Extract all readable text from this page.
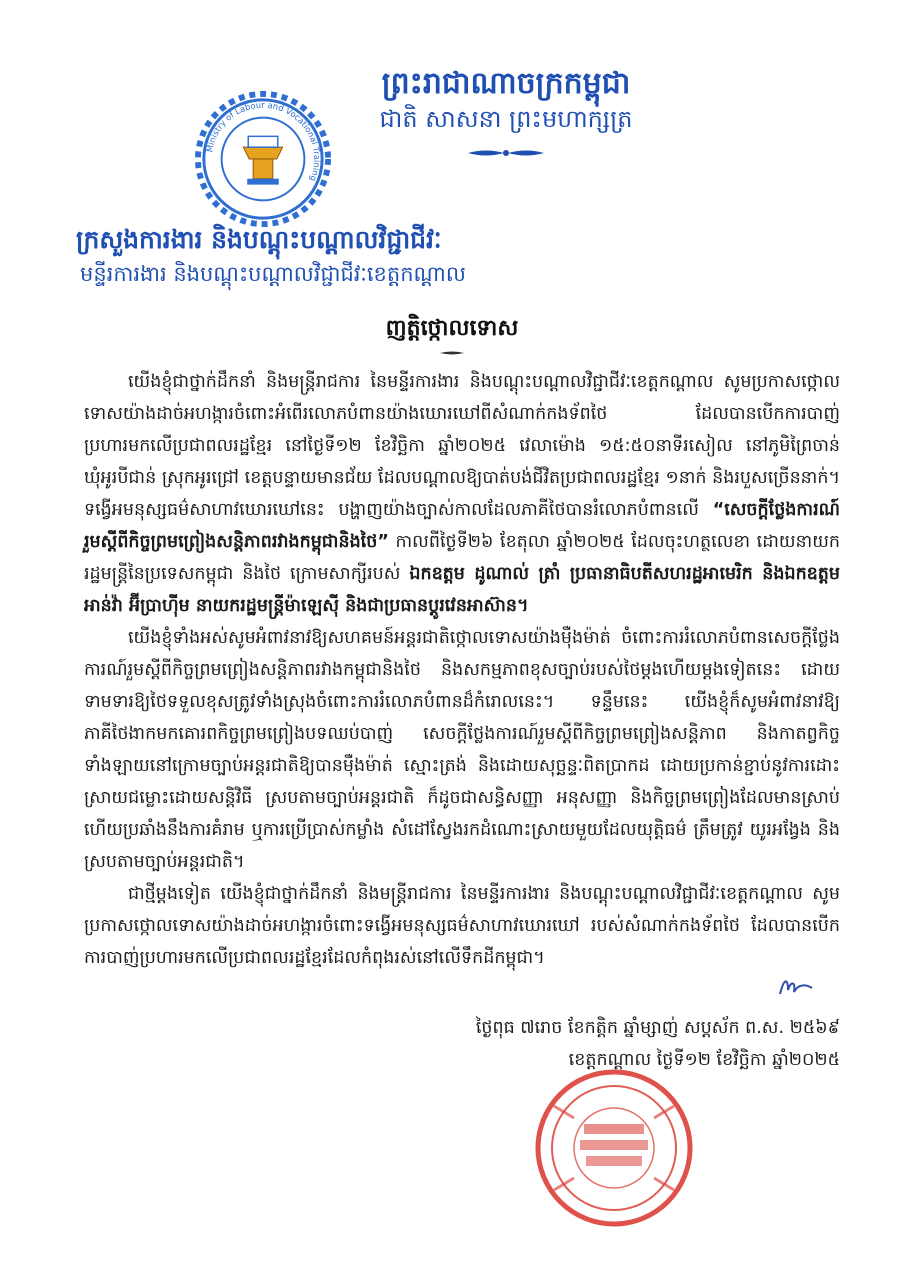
Ministry of Labour and Vocational Training
ព្រះរាជាណាចក្រកម្ពុជា
ជាតិ សាសនា ព្រះមហាក្សត្រ
ក្រសួងការងារ និងបណ្ដុះបណ្ដាលវិជ្ជាជីវៈ
មន្ទីរការងារ និងបណ្ដុះបណ្ដាលវិជ្ជាជីវៈខេត្តកណ្ដាល
ញត្តិថ្កោលទោស

យើងខ្ញុំជាថ្នាក់ដឹកនាំ និងមន្ត្រីរាជការ នៃមន្ទីរការងារ និងបណ្ដុះបណ្ដាលវិជ្ជាជីវៈខេត្តកណ្ដាល សូមប្រកាសថ្កោលទោសយ៉ាងដាច់អហង្ការចំពោះអំពើរលោភបំពានយ៉ាងឃោរឃៅពីសំណាក់កងទ័ពថៃ ដែលបានបើកការបាញ់ប្រហារមកលើប្រជាពលរដ្ឋខ្មែរ នៅថ្ងៃទី១២ ខែវិច្ឆិកា ឆ្នាំ២០២៥ វេលាម៉ោង ១៥:៥០នាទីរសៀល នៅភូមិព្រៃចាន់ ឃុំអូរបីជាន់ ស្រុកអូរជ្រៅ ខេត្តបន្ទាយមានជ័យ ដែលបណ្ដាលឱ្យបាត់បង់ជីវិតប្រជាពលរដ្ឋខ្មែរ ១នាក់ និងរបួសច្រើននាក់។ ទង្វើអមនុស្សធម៌សាហាវឃោរឃៅនេះ បង្ហាញយ៉ាងច្បាស់កាលដែលភាគីថៃបានរំលោភបំពានលើ “សេចក្ដីថ្លែងការណ៍រួមស្ដីពីកិច្ចព្រមព្រៀងសន្តិភាពរវាងកម្ពុជានិងថៃ” កាលពីថ្ងៃទី២៦ ខែតុលា ឆ្នាំ២០២៥ ដែលចុះហត្ថលេខា ដោយនាយករដ្ឋមន្ត្រីនៃប្រទេសកម្ពុជា និងថៃ ក្រោមសាក្សីរបស់ ឯកឧត្តម ដូណាល់ ត្រាំ ប្រធានាធិបតីសហរដ្ឋអាមេរិក និងឯកឧត្តម អាន់វ៉ា អ៊ីប្រាហ៊ីម នាយករដ្ឋមន្ត្រីម៉ាឡេស៊ី និងជាប្រធានប្ដូរវេនអាស៊ាន។

យើងខ្ញុំទាំងអស់សូមអំពាវនាវឱ្យសហគមន៍អន្តរជាតិថ្កោលទោសយ៉ាងម៉ឺងម៉ាត់ ចំពោះការរំលោភបំពានសេចក្ដីថ្លែងការណ៍រួមស្ដីពីកិច្ចព្រមព្រៀងសន្តិភាពរវាងកម្ពុជានិងថៃ និងសកម្មភាពខុសច្បាប់របស់ថៃម្ដងហើយម្ដងទៀតនេះ ដោយទាមទារឱ្យថៃទទួលខុសត្រូវទាំងស្រុងចំពោះការរំលោភបំពានដ៏កំរោលនេះ។ ទន្ទឹមនេះ យើងខ្ញុំក៏សូមអំពាវនាវឱ្យភាគីថៃងាកមកគោរពកិច្ចព្រមព្រៀងបទឈប់បាញ់ សេចក្ដីថ្លែងការណ៍រួមស្ដីពីកិច្ចព្រមព្រៀងសន្តិភាព និងកាតព្វកិច្ចទាំងឡាយនៅក្រោមច្បាប់អន្តរជាតិឱ្យបានម៉ឺងម៉ាត់ ស្មោះត្រង់ និងដោយសុច្ឆន្ទៈពិតប្រាកដ ដោយប្រកាន់ខ្ជាប់នូវការដោះស្រាយជម្លោះដោយសន្តិវិធី ស្របតាមច្បាប់អន្តរជាតិ ក៏ដូចជាសន្ធិសញ្ញា អនុសញ្ញា និងកិច្ចព្រមព្រៀងដែលមានស្រាប់ ហើយប្រឆាំងនឹងការគំរាម ឬការប្រើប្រាស់កម្លាំង សំដៅស្វែងរកដំណោះស្រាយមួយដែលយុត្តិធម៌ ត្រឹមត្រូវ យូរអង្វែង និងស្របតាមច្បាប់អន្តរជាតិ។

ជាថ្មីម្ដងទៀត យើងខ្ញុំជាថ្នាក់ដឹកនាំ និងមន្ត្រីរាជការ នៃមន្ទីរការងារ និងបណ្ដុះបណ្ដាលវិជ្ជាជីវៈខេត្តកណ្ដាល សូមប្រកាសថ្កោលទោសយ៉ាងដាច់អហង្ការចំពោះទង្វើអមនុស្សធម៌សាហាវឃោរឃៅ របស់សំណាក់កងទ័ពថៃ ដែលបានបើកការបាញ់ប្រហារមកលើប្រជាពលរដ្ឋខ្មែរដែលកំពុងរស់នៅលើទឹកដីកម្ពុជា។

ថ្ងៃពុធ ៧រោច ខែកត្តិក ឆ្នាំម្សាញ់ សប្តស័ក ព.ស. ២៥៦៩
ខេត្តកណ្ដាល ថ្ងៃទី១២ ខែវិច្ឆិកា ឆ្នាំ២០២៥
